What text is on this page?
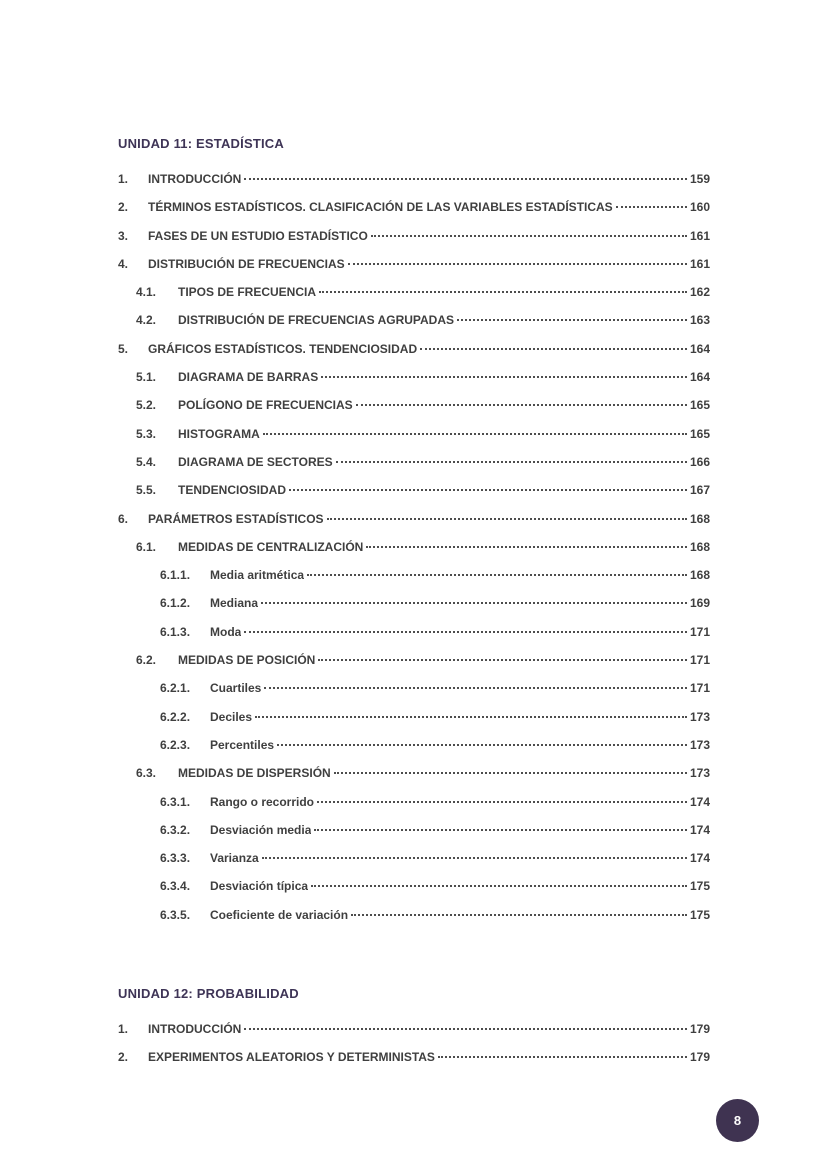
UNIDAD 11: ESTADÍSTICA
1.	INTRODUCCIÓN	159
2.	TÉRMINOS ESTADÍSTICOS. CLASIFICACIÓN DE LAS VARIABLES ESTADÍSTICAS	160
3.	FASES DE UN ESTUDIO ESTADÍSTICO	161
4.	DISTRIBUCIÓN DE FRECUENCIAS	161
4.1.	TIPOS DE FRECUENCIA	162
4.2.	DISTRIBUCIÓN DE FRECUENCIAS AGRUPADAS	163
5.	GRÁFICOS ESTADÍSTICOS. TENDENCIOSIDAD	164
5.1.	DIAGRAMA DE BARRAS	164
5.2.	POLÍGONO DE FRECUENCIAS	165
5.3.	HISTOGRAMA	165
5.4.	DIAGRAMA DE SECTORES	166
5.5.	TENDENCIOSIDAD	167
6.	PARÁMETROS ESTADÍSTICOS	168
6.1.	MEDIDAS DE CENTRALIZACIÓN	168
6.1.1.	Media aritmética	168
6.1.2.	Mediana	169
6.1.3.	Moda	171
6.2.	MEDIDAS DE POSICIÓN	171
6.2.1.	Cuartiles	171
6.2.2.	Deciles	173
6.2.3.	Percentiles	173
6.3.	MEDIDAS DE DISPERSIÓN	173
6.3.1.	Rango o recorrido	174
6.3.2.	Desviación media	174
6.3.3.	Varianza	174
6.3.4.	Desviación típica	175
6.3.5.	Coeficiente de variación	175
UNIDAD 12: PROBABILIDAD
1.	INTRODUCCIÓN	179
2.	EXPERIMENTOS ALEATORIOS Y DETERMINISTAS	179
8
